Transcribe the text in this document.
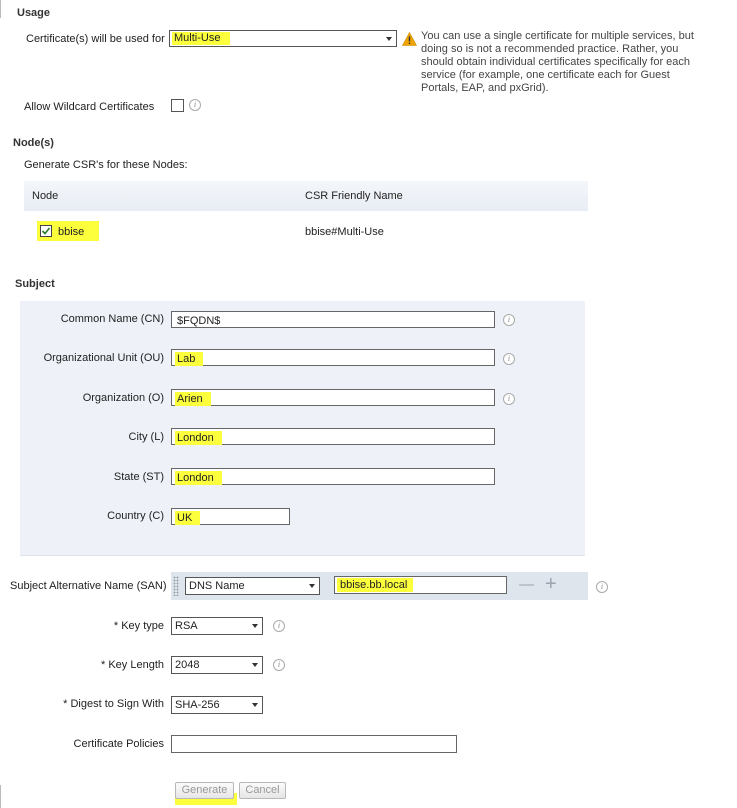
Usage
Certificate(s) will be used for Multi-Use	You can use a single certificate for multiple services, but doing so is not a recommended practice. Rather, you should obtain individual certificates specifically for each service (for example, one certificate each for Guest Portals, EAP, and pxGrid).
Allow Wildcard Certificates	i
Node(s)
Generate CSR's for these Nodes:
Node	CSR Friendly Name
bbise	bbise#Multi-Use
Subject
Common Name (CN) $FQDN$	i
Organizational Unit (OU) Lab	i
Organization (O) Arien	i
City (L) London
State (ST) London
Country (C) UK
Subject Alternative Name (SAN) DNS Name	bbise.bb.local	— +	i
* Key type RSA	i
* Key Length 2048	i
* Digest to Sign With SHA-256
Certificate Policies
Generate	Cancel
